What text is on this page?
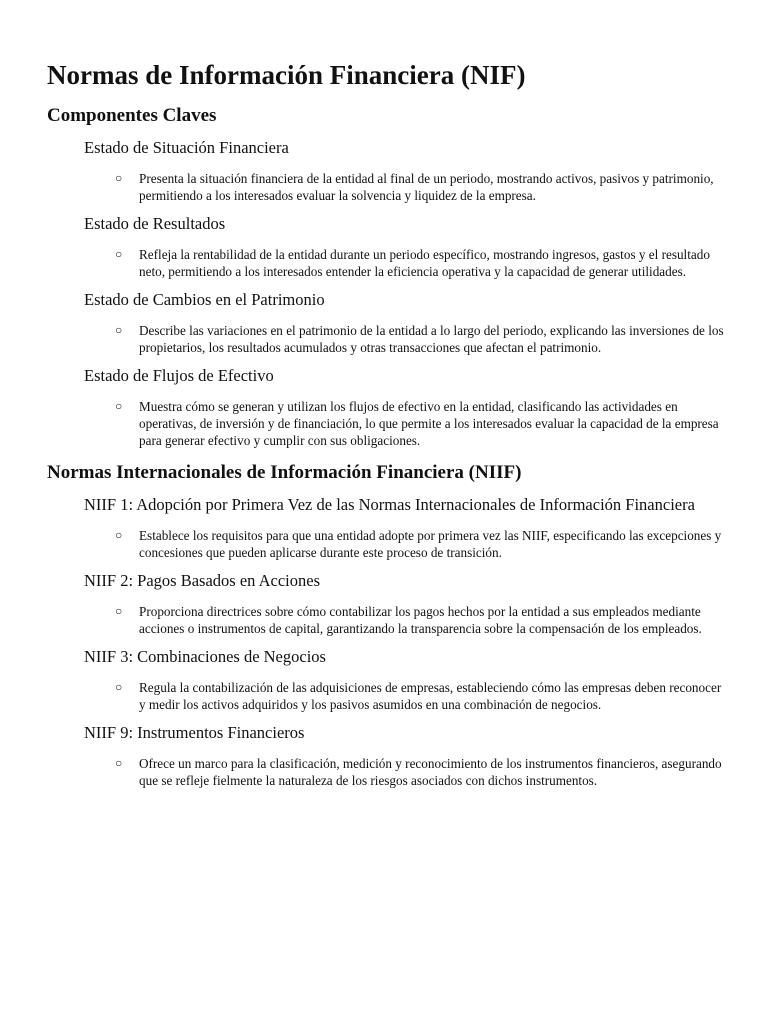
Normas de Información Financiera (NIF)
Componentes Claves
Estado de Situación Financiera
○ Presenta la situación financiera de la entidad al final de un periodo, mostrando activos, pasivos y patrimonio, permitiendo a los interesados evaluar la solvencia y liquidez de la empresa.
Estado de Resultados
○ Refleja la rentabilidad de la entidad durante un periodo específico, mostrando ingresos, gastos y el resultado neto, permitiendo a los interesados entender la eficiencia operativa y la capacidad de generar utilidades.
Estado de Cambios en el Patrimonio
○ Describe las variaciones en el patrimonio de la entidad a lo largo del periodo, explicando las inversiones de los propietarios, los resultados acumulados y otras transacciones que afectan el patrimonio.
Estado de Flujos de Efectivo
○ Muestra cómo se generan y utilizan los flujos de efectivo en la entidad, clasificando las actividades en operativas, de inversión y de financiación, lo que permite a los interesados evaluar la capacidad de la empresa para generar efectivo y cumplir con sus obligaciones.
Normas Internacionales de Información Financiera (NIIF)
NIIF 1: Adopción por Primera Vez de las Normas Internacionales de Información Financiera
○ Establece los requisitos para que una entidad adopte por primera vez las NIIF, especificando las excepciones y concesiones que pueden aplicarse durante este proceso de transición.
NIIF 2: Pagos Basados en Acciones
○ Proporciona directrices sobre cómo contabilizar los pagos hechos por la entidad a sus empleados mediante acciones o instrumentos de capital, garantizando la transparencia sobre la compensación de los empleados.
NIIF 3: Combinaciones de Negocios
○ Regula la contabilización de las adquisiciones de empresas, estableciendo cómo las empresas deben reconocer y medir los activos adquiridos y los pasivos asumidos en una combinación de negocios.
NIIF 9: Instrumentos Financieros
○ Ofrece un marco para la clasificación, medición y reconocimiento de los instrumentos financieros, asegurando que se refleje fielmente la naturaleza de los riesgos asociados con dichos instrumentos.
